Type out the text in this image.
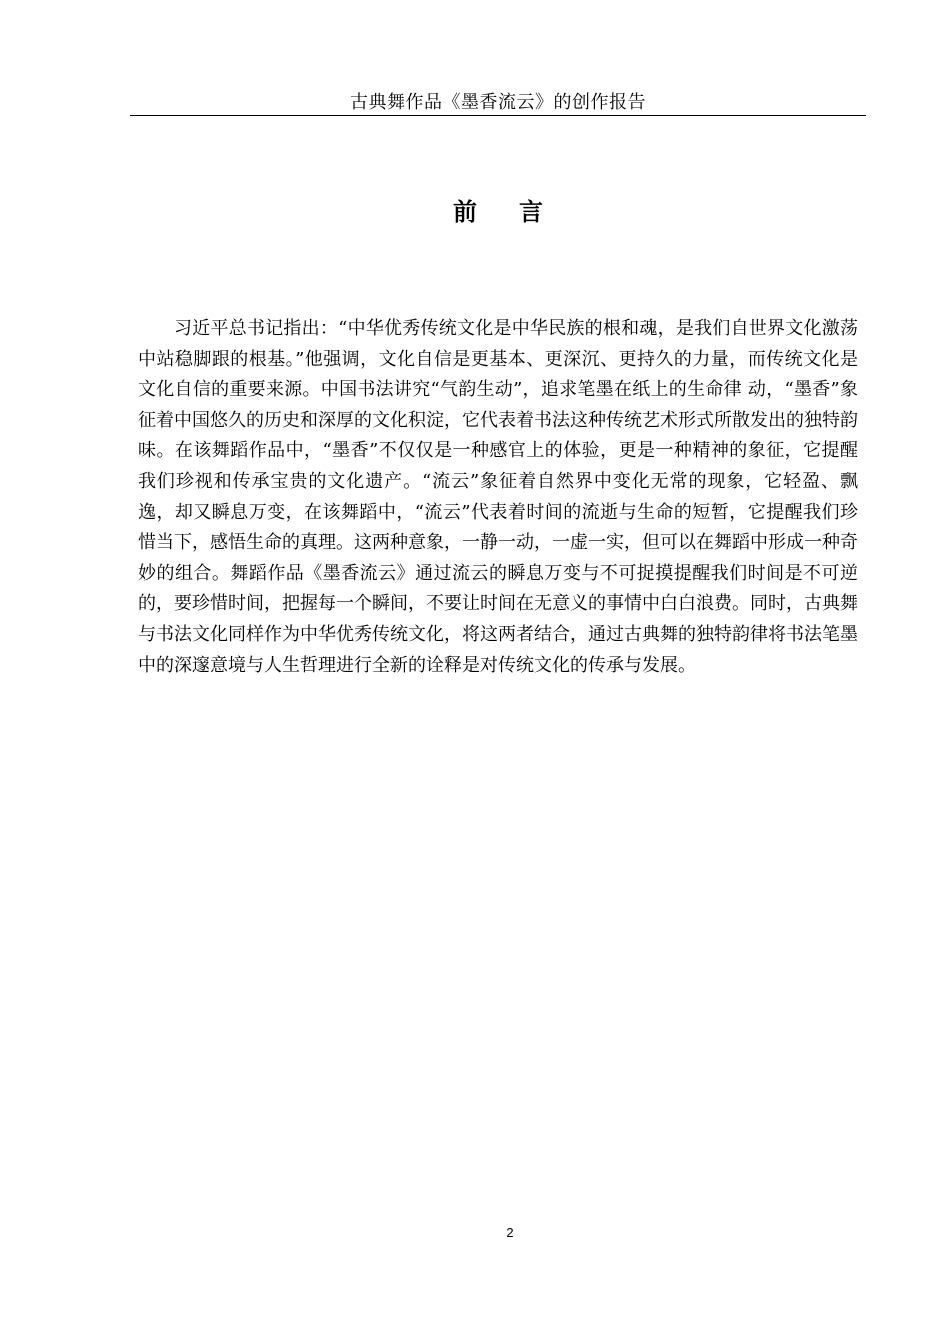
古典舞作品《墨香流云》的创作报告
前言

习近平总书记指出：“中华优秀传统文化是中华民族的根和魂，是我们自世界文化激荡中站稳脚跟的根基。”他强调，文化自信是更基本、更深沉、更持久的力量，而传统文化是文化自信的重要来源。中国书法讲究“气韵生动”，追求笔墨在纸上的生命律 动，“墨香”象征着中国悠久的历史和深厚的文化积淀，它代表着书法这种传统艺术形式所散发出的独特韵味。在该舞蹈作品中，“墨香”不仅仅是一种感官上的体验，更是一种精神的象征，它提醒我们珍视和传承宝贵的文化遗产。“流云”象征着自然界中变化无常的现象，它轻盈、飘逸，却又瞬息万变，在该舞蹈中，“流云”代表着时间的流逝与生命的短暂，它提醒我们珍惜当下，感悟生命的真理。这两种意象，一静一动，一虚一实，但可以在舞蹈中形成一种奇妙的组合。舞蹈作品《墨香流云》通过流云的瞬息万变与不可捉摸提醒我们时间是不可逆的，要珍惜时间，把握每一个瞬间，不要让时间在无意义的事情中白白浪费。同时，古典舞与书法文化同样作为中华优秀传统文化，将这两者结合，通过古典舞的独特韵律将书法笔墨中的深邃意境与人生哲理进行全新的诠释是对传统文化的传承与发展。

2
